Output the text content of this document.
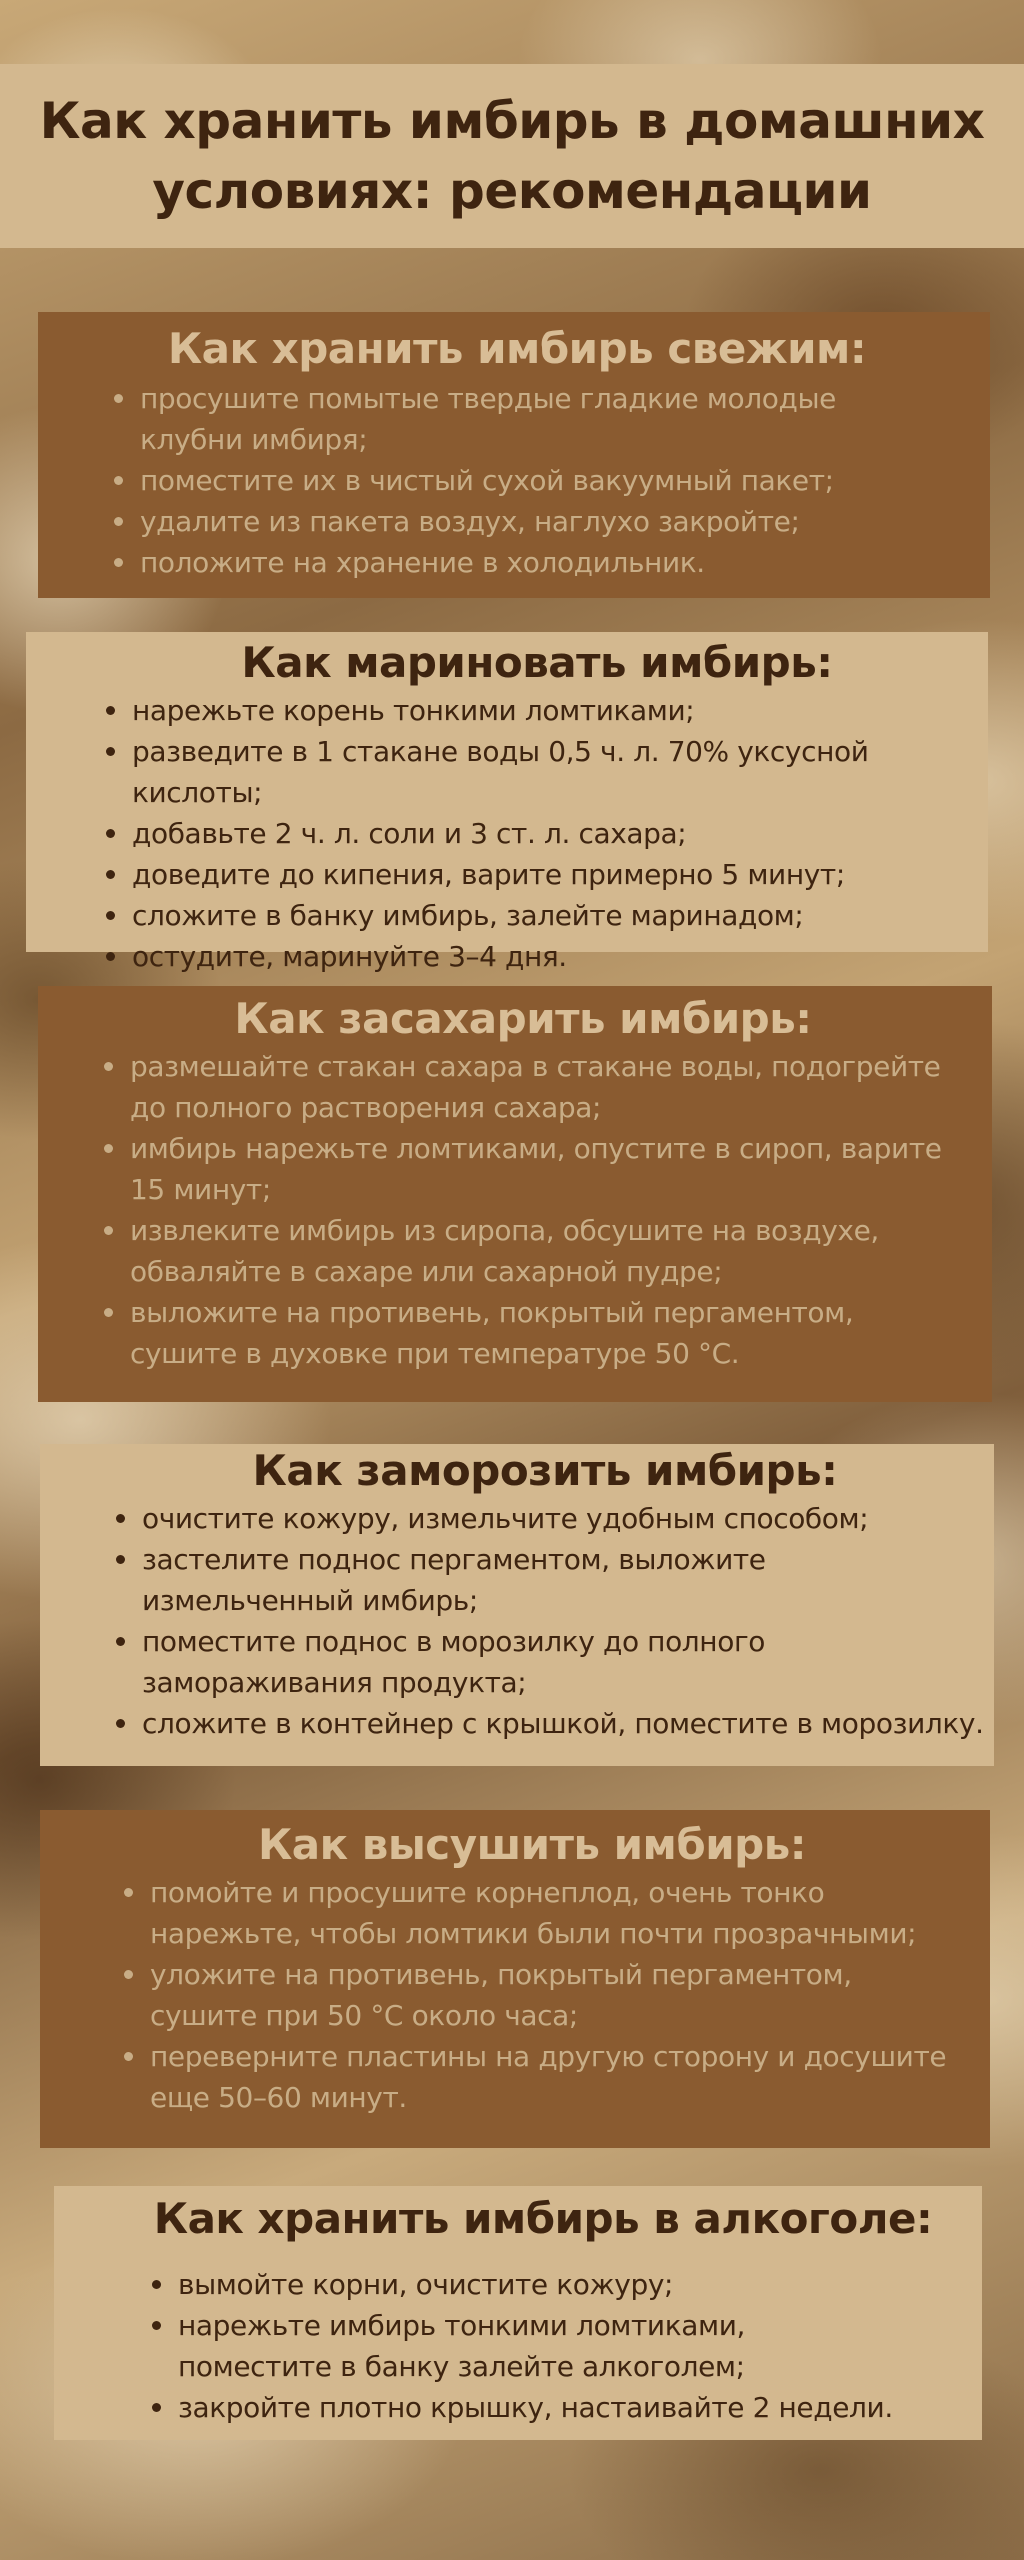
Как хранить имбирь в домашних условиях: рекомендации
Как хранить имбирь свежим:
просушите помытые твердые гладкие молодые клубни имбиря;
поместите их в чистый сухой вакуумный пакет;
удалите из пакета воздух, наглухо закройте;
положите на хранение в холодильник.
Как мариновать имбирь:
нарежьте корень тонкими ломтиками;
разведите в 1 стакане воды 0,5 ч. л. 70% уксусной кислоты;
добавьте 2 ч. л. соли и 3 ст. л. сахара;
доведите до кипения, варите примерно 5 минут;
сложите в банку имбирь, залейте маринадом;
остудите, маринуйте 3–4 дня.
Как засахарить имбирь:
размешайте стакан сахара в стакане воды, подогрейте до полного растворения сахара;
имбирь нарежьте ломтиками, опустите в сироп, варите 15 минут;
извлеките имбирь из сиропа, обсушите на воздухе, обваляйте в сахаре или сахарной пудре;
выложите на противень, покрытый пергаментом, сушите в духовке при температуре 50 °С.
Как заморозить имбирь:
очистите кожуру, измельчите удобным способом;
застелите поднос пергаментом, выложите измельченный имбирь;
поместите поднос в морозилку до полного замораживания продукта;
сложите в контейнер с крышкой, поместите в морозилку.
Как высушить имбирь:
помойте и просушите корнеплод, очень тонко нарежьте, чтобы ломтики были почти прозрачными;
уложите на противень, покрытый пергаментом, сушите при 50 °С около часа;
переверните пластины на другую сторону и досушите еще 50–60 минут.
Как хранить имбирь в алкоголе:
вымойте корни, очистите кожуру;
нарежьте имбирь тонкими ломтиками, поместите в банку залейте алкоголем;
закройте плотно крышку, настаивайте 2 недели.
